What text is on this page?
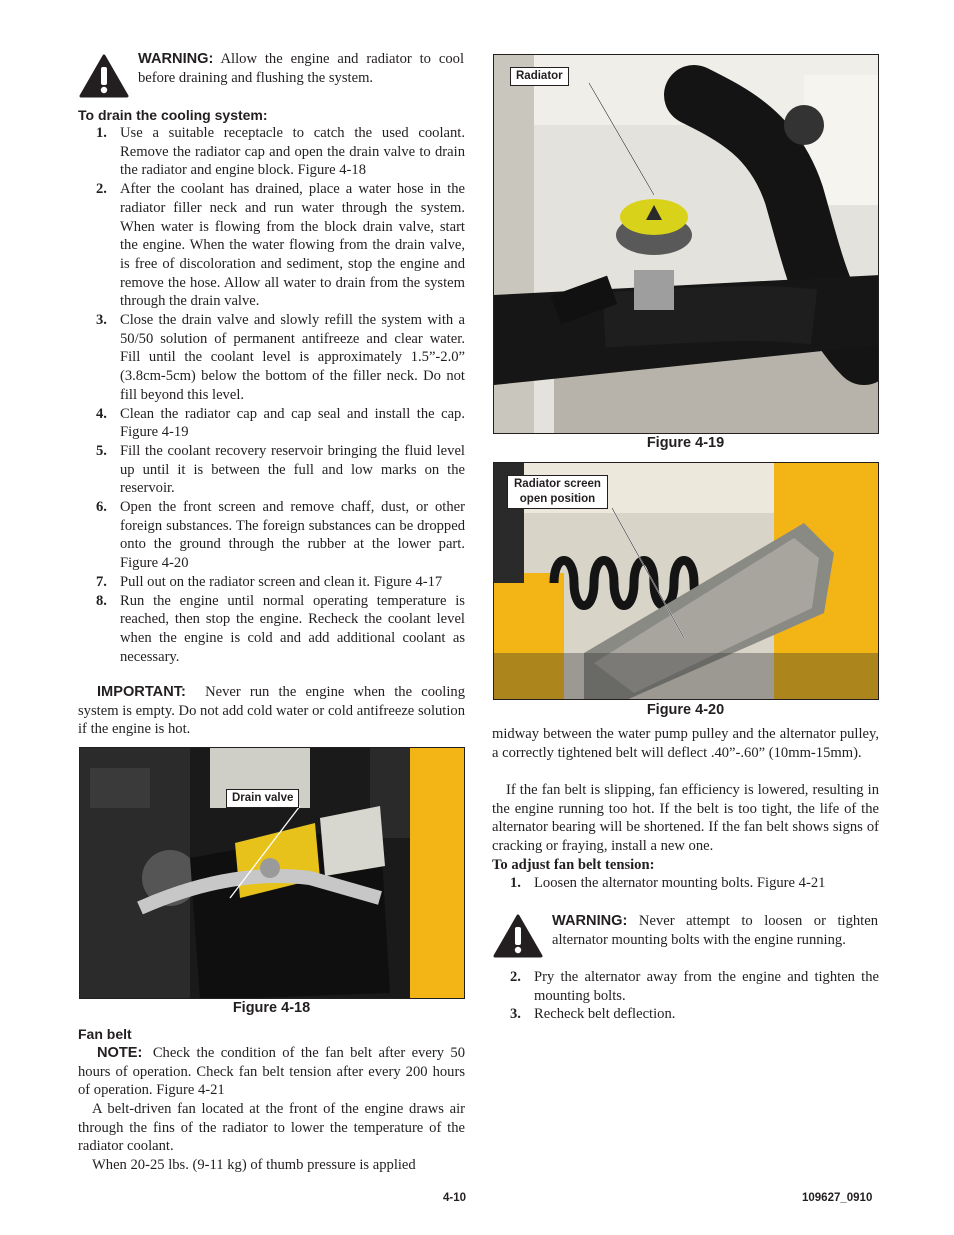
WARNING: Allow the engine and radiator to cool before draining and flushing the system.
To drain the cooling system:
1. Use a suitable receptacle to catch the used coolant. Remove the radiator cap and open the drain valve to drain the radiator and engine block. Figure 4-18
2. After the coolant has drained, place a water hose in the radiator filler neck and run water through the system. When water is flowing from the block drain valve, start the engine. When the water flowing from the drain valve, is free of discoloration and sediment, stop the engine and remove the hose. Allow all water to drain from the system through the drain valve.
3. Close the drain valve and slowly refill the system with a 50/50 solution of permanent antifreeze and clear water. Fill until the coolant level is approximately 1.5”-2.0” (3.8cm-5cm) below the bottom of the filler neck. Do not fill beyond this level.
4. Clean the radiator cap and cap seal and install the cap. Figure 4-19
5. Fill the coolant recovery reservoir bringing the fluid level up until it is between the full and low marks on the reservoir.
6. Open the front screen and remove chaff, dust, or other foreign substances. The foreign substances can be dropped onto the ground through the rubber at the lower part. Figure 4-20
7. Pull out on the radiator screen and clean it. Figure 4-17
8. Run the engine until normal operating temperature is reached, then stop the engine. Recheck the coolant level when the engine is cold and add additional coolant as necessary.
IMPORTANT: Never run the engine when the cooling system is empty. Do not add cold water or cold antifreeze solution if the engine is hot.
Drain valve
Figure 4-18
Fan belt
NOTE: Check the condition of the fan belt after every 50 hours of operation. Check fan belt tension after every 200 hours of operation. Figure 4-21
A belt-driven fan located at the front of the engine draws air through the fins of the radiator to lower the temperature of the radiator coolant.
When 20-25 lbs. (9-11 kg) of thumb pressure is applied
Radiator
Figure 4-19
Radiator screen
open position
Figure 4-20
midway between the water pump pulley and the alternator pulley, a correctly tightened belt will deflect .40”-.60” (10mm-15mm).
If the fan belt is slipping, fan efficiency is lowered, resulting in the engine running too hot. If the belt is too tight, the life of the alternator bearing will be shortened. If the fan belt shows signs of cracking or fraying, install a new one.
To adjust fan belt tension:
1. Loosen the alternator mounting bolts. Figure 4-21
WARNING: Never attempt to loosen or tighten alternator mounting bolts with the engine running.
2. Pry the alternator away from the engine and tighten the mounting bolts.
3. Recheck belt deflection.
4-10	109627_0910
